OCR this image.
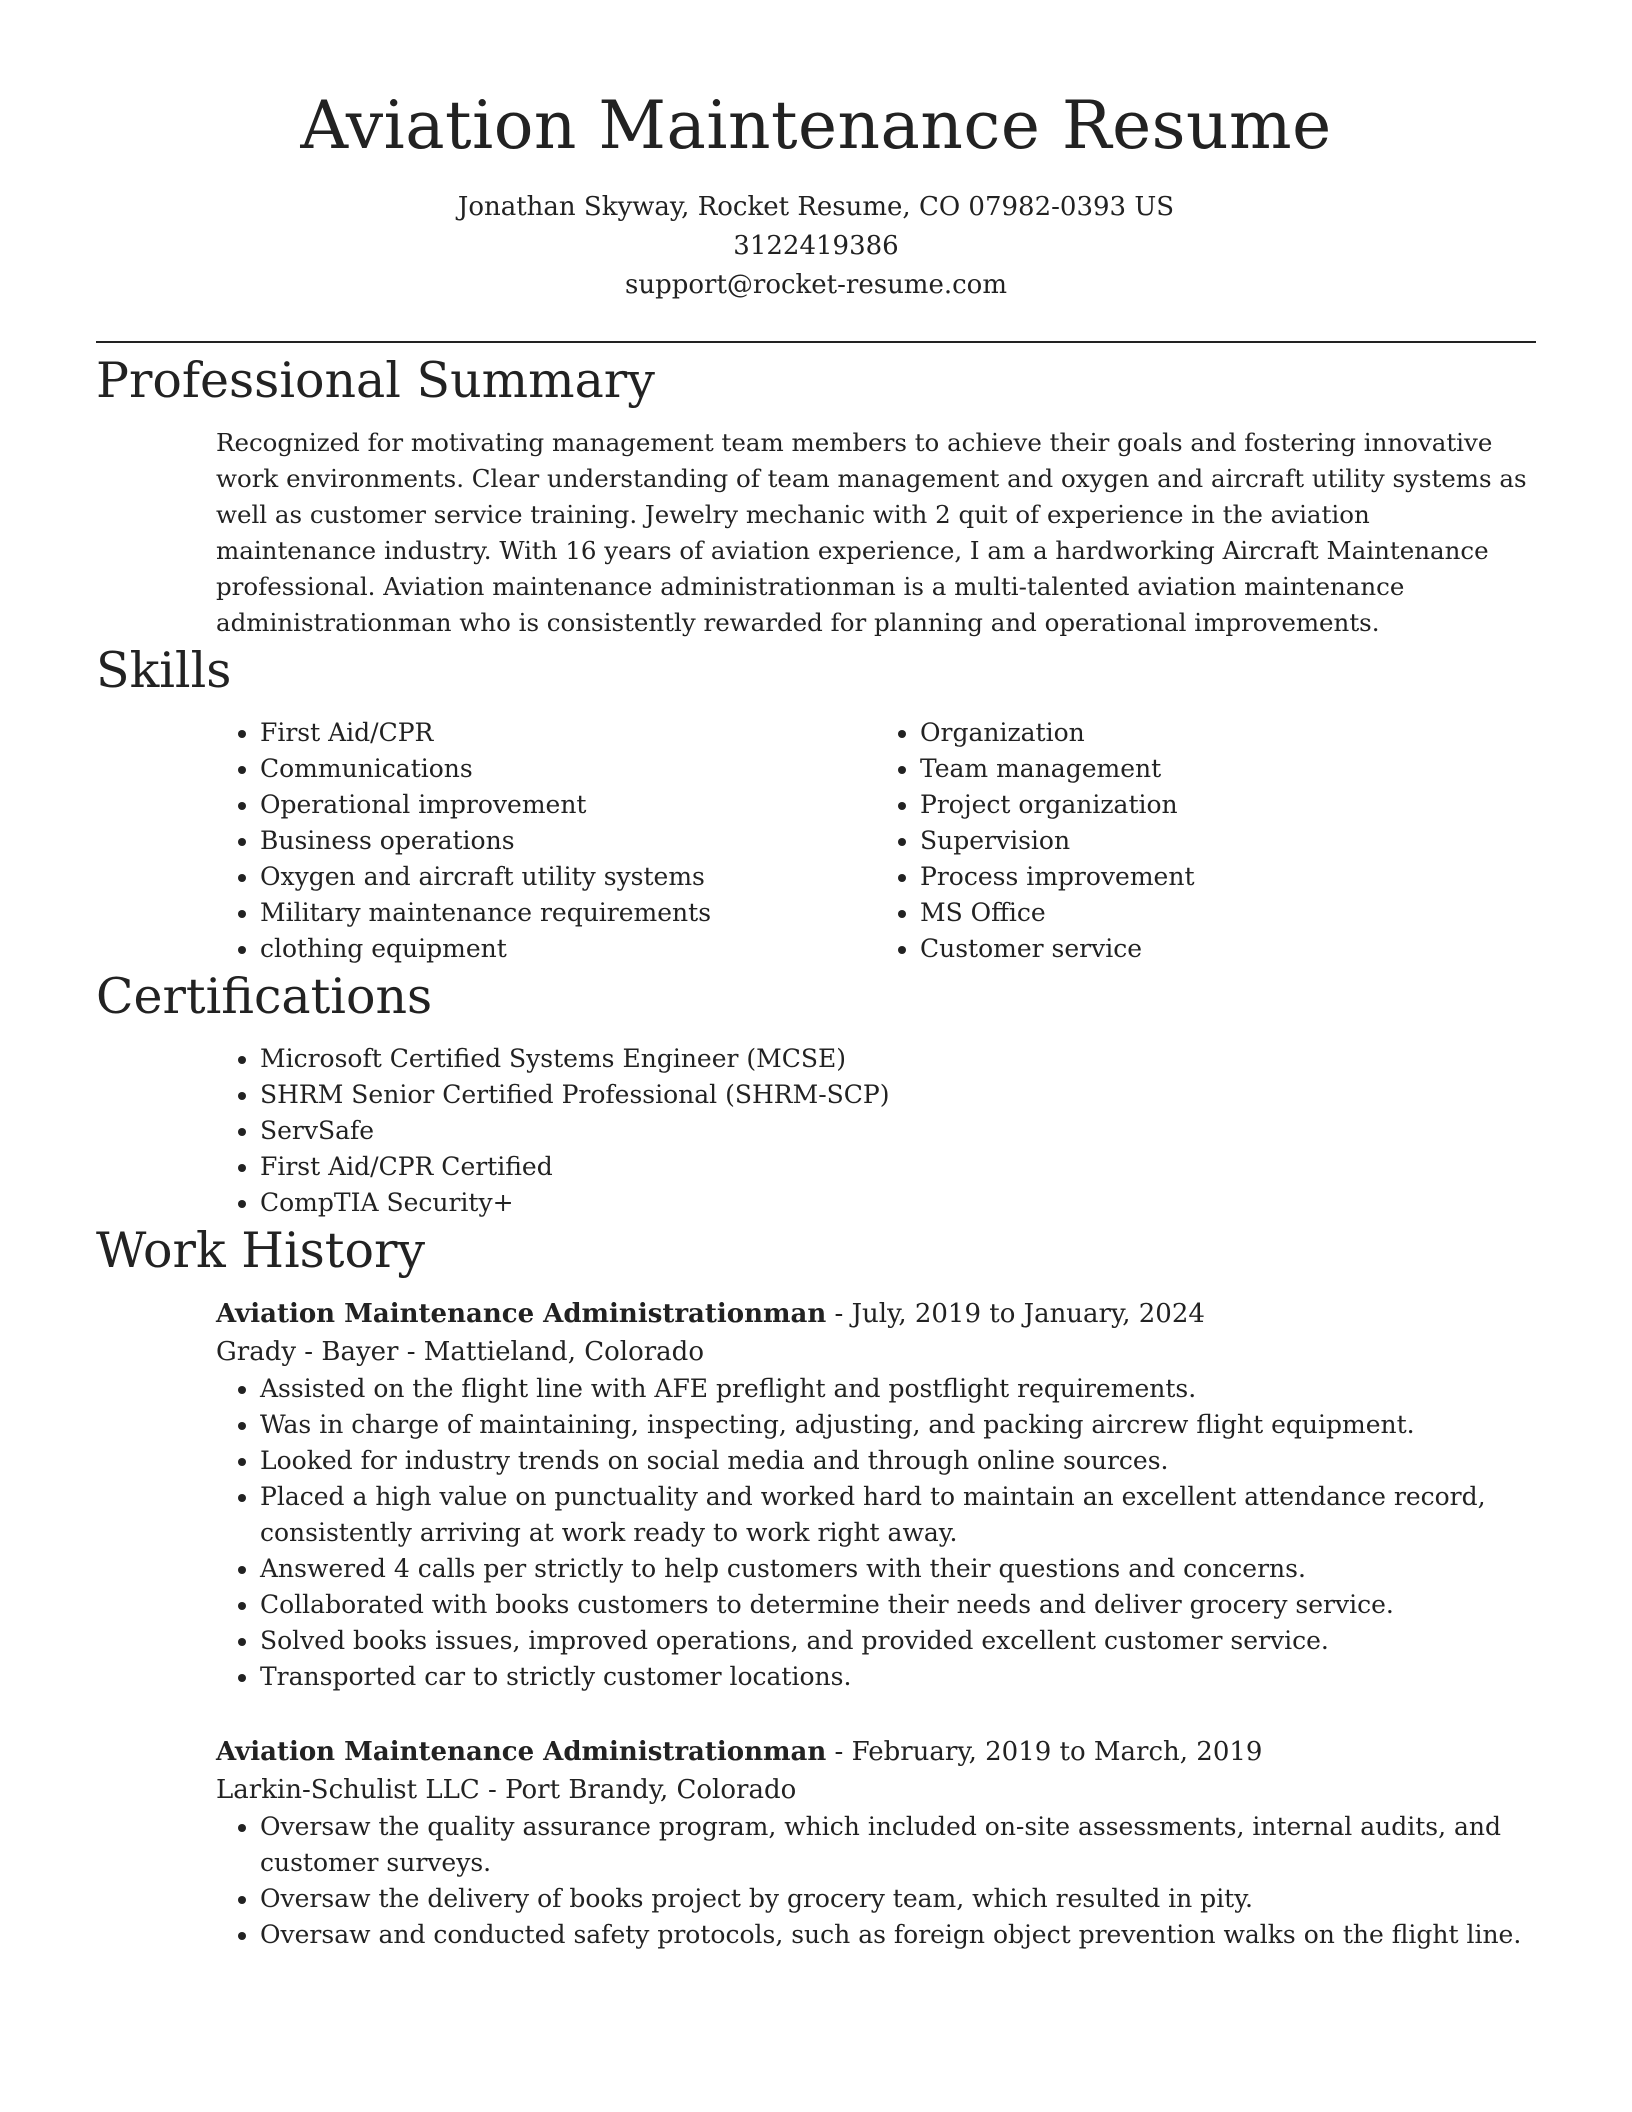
Aviation Maintenance Resume
Jonathan Skyway, Rocket Resume, CO 07982-0393 US
3122419386
support@rocket-resume.com
Professional Summary

Recognized for motivating management team members to achieve their goals and fostering innovative work environments. Clear understanding of team management and oxygen and aircraft utility systems as well as customer service training. Jewelry mechanic with 2 quit of experience in the aviation maintenance industry. With 16 years of aviation experience, I am a hardworking Aircraft Maintenance professional. Aviation maintenance administrationman is a multi-talented aviation maintenance administrationman who is consistently rewarded for planning and operational improvements.

Skills
• First Aid/CPR
• Communications
• Operational improvement
• Business operations
• Oxygen and aircraft utility systems
• Military maintenance requirements
• clothing equipment
• Organization
• Team management
• Project organization
• Supervision
• Process improvement
• MS Office
• Customer service
Certifications
• Microsoft Certified Systems Engineer (MCSE)
• SHRM Senior Certified Professional (SHRM-SCP)
• ServSafe
• First Aid/CPR Certified
• CompTIA Security+
Work History
Aviation Maintenance Administrationman - July, 2019 to January, 2024
Grady - Bayer - Mattieland, Colorado
• Assisted on the flight line with AFE preflight and postflight requirements.
• Was in charge of maintaining, inspecting, adjusting, and packing aircrew flight equipment.
• Looked for industry trends on social media and through online sources.
• Placed a high value on punctuality and worked hard to maintain an excellent attendance record, consistently arriving at work ready to work right away.
• Answered 4 calls per strictly to help customers with their questions and concerns.
• Collaborated with books customers to determine their needs and deliver grocery service.
• Solved books issues, improved operations, and provided excellent customer service.
• Transported car to strictly customer locations.
Aviation Maintenance Administrationman - February, 2019 to March, 2019
Larkin-Schulist LLC - Port Brandy, Colorado
• Oversaw the quality assurance program, which included on-site assessments, internal audits, and customer surveys.
• Oversaw the delivery of books project by grocery team, which resulted in pity.
• Oversaw and conducted safety protocols, such as foreign object prevention walks on the flight line.
